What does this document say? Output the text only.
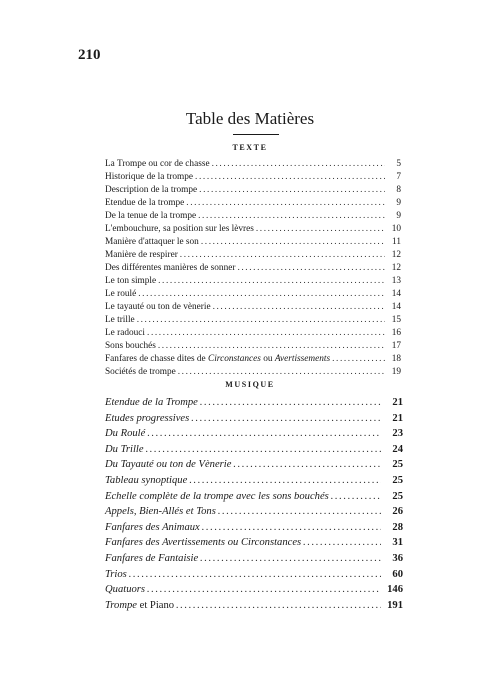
210
Table des Matières
TEXTE
La Trompe ou cor de chasse .....	5
Historique de la trompe .....	7
Description de la trompe .....	8
Etendue de la trompe .....	9
De la tenue de la trompe .....	9
L'embouchure, sa position sur les lèvres .....	10
Manière d'attaquer le son .....	11
Manière de respirer .....	12
Des différentes manières de sonner .....	12
Le ton simple .....	13
Le roulé .....	14
Le tayauté ou ton de vènerie .....	14
Le trille .....	15
Le radouci .....	16
Sons bouchés .....	17
Fanfares de chasse dites de Circonstances ou Avertissements .....	18
Sociétés de trompe .....	19
MUSIQUE
Etendue de la Trompe .....	21
Etudes progressives .....	21
Du Roulé .....	23
Du Trille .....	24
Du Tayauté ou ton de Vènerie .....	25
Tableau synoptique .....	25
Echelle complète de la trompe avec les sons bouchés .....	25
Appels, Bien-Allés et Tons .....	26
Fanfares des Animaux .....	28
Fanfares des Avertissements ou Circonstances .....	31
Fanfares de Fantaisie .....	36
Trios .....	60
Quatuors .....	146
Trompe et Piano .....	191
